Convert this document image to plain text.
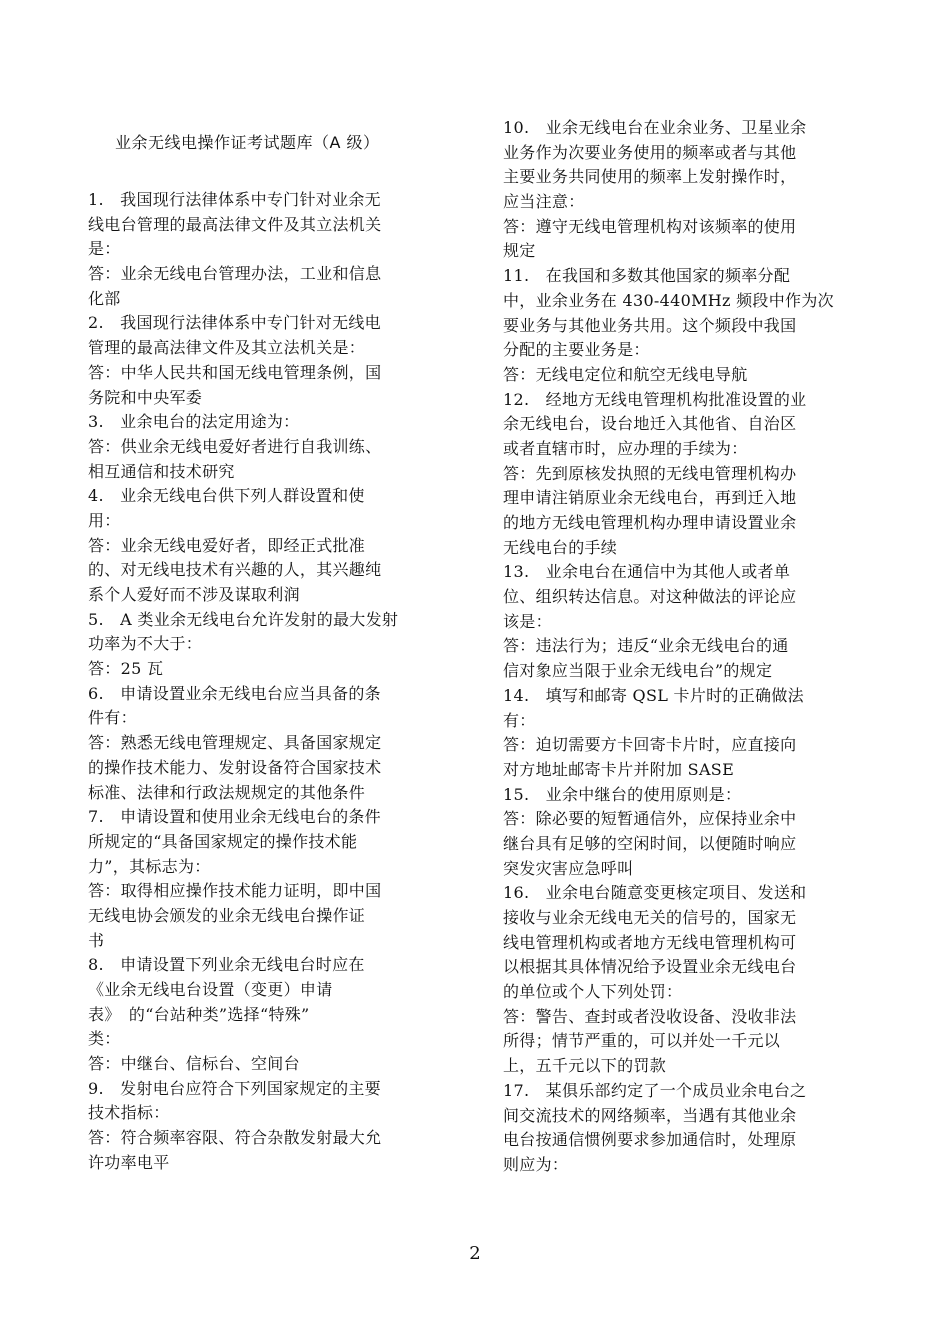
业余无线电操作证考试题库（A 级）
1.　我国现行法律体系中专门针对业余无
线电台管理的最高法律文件及其立法机关
是：
答：业余无线电台管理办法，工业和信息
化部
2.　我国现行法律体系中专门针对无线电
管理的最高法律文件及其立法机关是：
答：中华人民共和国无线电管理条例，国
务院和中央军委
3.　业余电台的法定用途为：
答：供业余无线电爱好者进行自我训练、
相互通信和技术研究
4.　业余无线电台供下列人群设置和使
用：
答：业余无线电爱好者，即经正式批准
的、对无线电技术有兴趣的人，其兴趣纯
系个人爱好而不涉及谋取利润
5.　A 类业余无线电台允许发射的最大发射
功率为不大于：
答：25 瓦
6.　申请设置业余无线电台应当具备的条
件有：
答：熟悉无线电管理规定、具备国家规定
的操作技术能力、发射设备符合国家技术
标准、法律和行政法规规定的其他条件
7.　申请设置和使用业余无线电台的条件
所规定的“具备国家规定的操作技术能
力”，其标志为：
答：取得相应操作技术能力证明，即中国
无线电协会颁发的业余无线电台操作证
书
8.　申请设置下列业余无线电台时应在
《业余无线电台设置（变更）申请
表》　的“台站种类”选择“特殊”
类：
答：中继台、信标台、空间台
9.　发射电台应符合下列国家规定的主要
技术指标：
答：符合频率容限、符合杂散发射最大允
许功率电平
10.　业余无线电台在业余业务、卫星业余
业务作为次要业务使用的频率或者与其他
主要业务共同使用的频率上发射操作时，
应当注意：
答：遵守无线电管理机构对该频率的使用
规定
11.　在我国和多数其他国家的频率分配
中，业余业务在 430-440MHz 频段中作为次
要业务与其他业务共用。这个频段中我国
分配的主要业务是：
答：无线电定位和航空无线电导航
12.　经地方无线电管理机构批准设置的业
余无线电台，设台地迁入其他省、自治区
或者直辖市时，应办理的手续为：
答：先到原核发执照的无线电管理机构办
理申请注销原业余无线电台，再到迁入地
的地方无线电管理机构办理申请设置业余
无线电台的手续
13.　业余电台在通信中为其他人或者单
位、组织转达信息。对这种做法的评论应
该是：
答：违法行为；违反“业余无线电台的通
信对象应当限于业余无线电台”的规定
14.　填写和邮寄 QSL 卡片时的正确做法
有：
答：迫切需要方卡回寄卡片时，应直接向
对方地址邮寄卡片并附加 SASE
15.　业余中继台的使用原则是：
答：除必要的短暂通信外，应保持业余中
继台具有足够的空闲时间，以便随时响应
突发灾害应急呼叫
16.　业余电台随意变更核定项目、发送和
接收与业余无线电无关的信号的，国家无
线电管理机构或者地方无线电管理机构可
以根据其具体情况给予设置业余无线电台
的单位或个人下列处罚：
答：警告、查封或者没收设备、没收非法
所得；情节严重的，可以并处一千元以
上，五千元以下的罚款
17.　某俱乐部约定了一个成员业余电台之
间交流技术的网络频率，当遇有其他业余
电台按通信惯例要求参加通信时，处理原
则应为：
2
